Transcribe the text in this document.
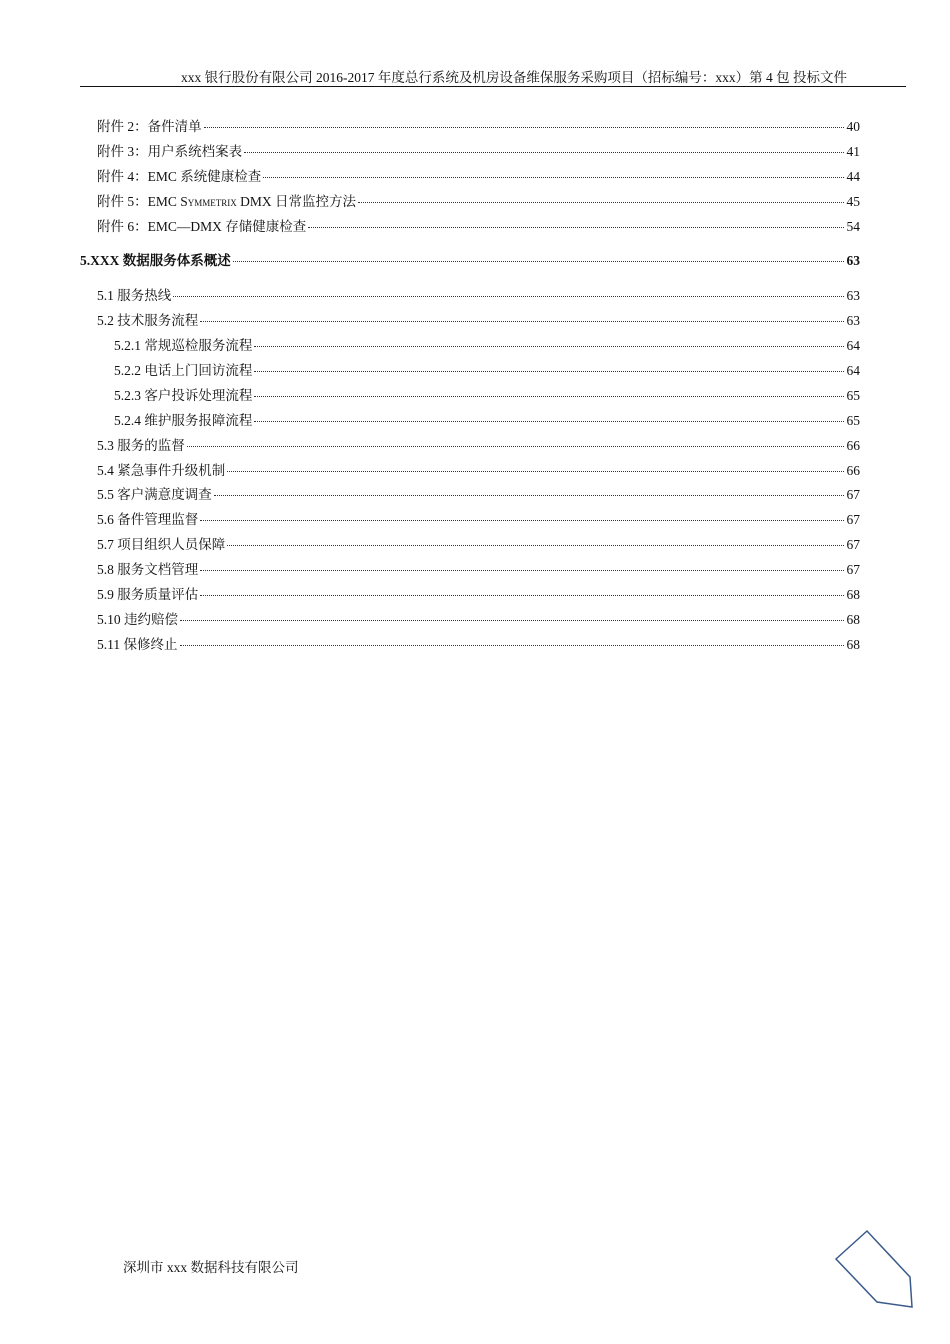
xxx 银行股份有限公司 2016-2017 年度总行系统及机房设备维保服务采购项目（招标编号：xxx）第 4 包 投标文件
附件 2：备件清单	40
附件 3：用户系统档案表	41
附件 4：EMC 系统健康检查	44
附件 5：EMC Symmetrix DMX 日常监控方法	45
附件 6：EMC—DMX 存储健康检查	54
5.XXX 数据服务体系概述	63
5.1 服务热线	63
5.2 技术服务流程	63
5.2.1 常规巡检服务流程	64
5.2.2 电话上门回访流程	64
5.2.3 客户投诉处理流程	65
5.2.4 维护服务报障流程	65
5.3 服务的监督	66
5.4 紧急事件升级机制	66
5.5 客户满意度调查	67
5.6 备件管理监督	67
5.7 项目组织人员保障	67
5.8 服务文档管理	67
5.9 服务质量评估	68
5.10 违约赔偿	68
5.11 保修终止	68
深圳市 xxx 数据科技有限公司
